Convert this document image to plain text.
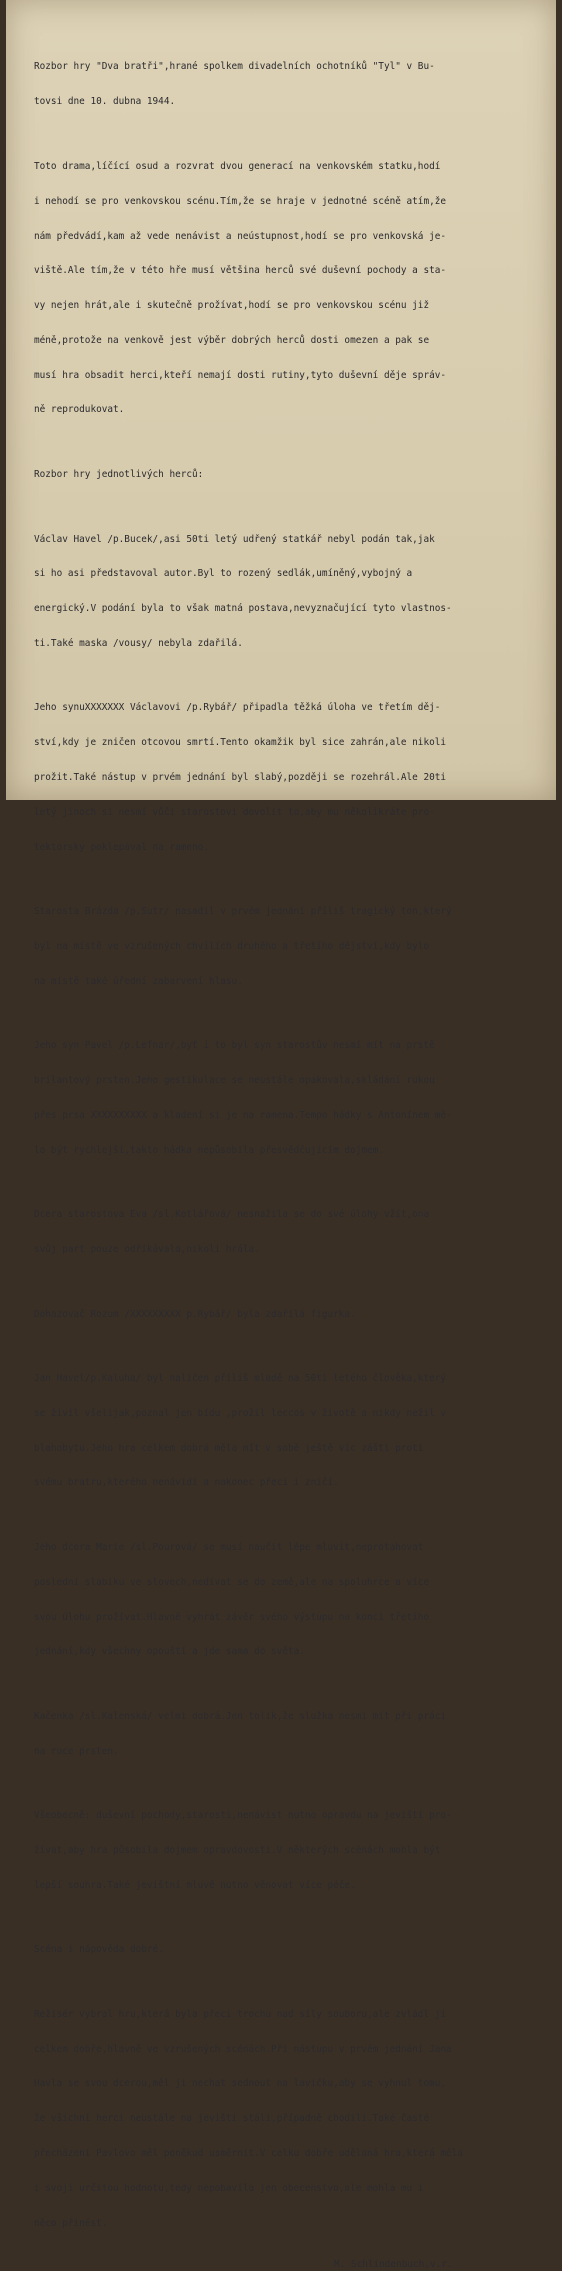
Rozbor hry "Dva bratři",hrané spolkem divadelních ochotníků "Tyl" v Bu-

tovsi dne 10. dubna 1944.

Toto drama,líčící osud a rozvrat dvou generací na venkovském statku,hodí

i nehodí se pro venkovskou scénu.Tím,že se hraje v jednotné scéně atím,že

nám předvádí,kam až vede nenávist a neústupnost,hodí se pro venkovská je-

viště.Ale tím,že v této hře musí většina herců své duševní pochody a sta-

vy nejen hrát,ale i skutečně prožívat,hodí se pro venkovskou scénu již

méně,protože na venkově jest výběr dobrých herců dosti omezen a pak se

musí hra obsadit herci,kteří nemají dosti rutiny,tyto duševní děje správ-

ně reprodukovat.

Rozbor hry jednotlivých herců:

Václav Havel /p.Bucek/,asi 50ti letý udřený statkář nebyl podán tak,jak

si ho asi představoval autor.Byl to rozený sedlák,umíněný,vybojný a

energický.V podání byla to však matná postava,nevyznačující tyto vlastnos-

ti.Také maska /vousy/ nebyla zdařilá.

Jeho synuXXXXXXX Václavovi /p.Rybář/ připadla těžká úloha ve třetím děj-

ství,kdy je zničen otcovou smrtí.Tento okamžik byl sice zahrán,ale nikoli

prožit.Také nástup v prvém jednání byl slabý,později se rozehrál.Ale 20ti

letý jinoch si nesmí vůči starostovi dovolit to,aby mu několikráte pro-

tektorsky poklepával na rameno.

Starosta Brázda /p.Sutr/ nasadil v prvém jednání příliš tragický ton,který

byl na místě ve vzrušených chvílích druhého a třetího dějství,kdy bylo

na místě také úřední zabarvení hlasu.

Jeho syn Pavel /p.Lefnar/,byť i to byl syn starostův nesmí mít na prstě

brilantový prsten.Jeho gestikulace se neustále opakovala,skládání rukou

přes prsa XXXXXXXXXX a kladení si je na ramena.Tempo hádky s Antonínem mě-

lo být rychlejší,takto hádka nepůsobila přesvědčujícím dojmem.

Dcera starostova Eva /sl.Kotlářová/ nesnažila se do své úlohy vžít,ona

svůj part pouze odříkávala,nikoli hrála.

Dohazovač Rozum /XXXXXXXXX p.Rybář/ byla zdařilá figurka.

Jan Havel/p.Kaluha/ byl nalíčen příliš mladě na 50ti letého člověka,který

se živil všelijak,poznal jen bídu ,prožil leccos v životě a nikdy nežil v

blahobytu.Jeho hra celkem dobrá měla mít v sobě ještě víc zášti proti

svému bratru,kterého nenávidí a nakonec přeci i zničí.

Jeho dcera Marie /sl.Pourová/ se musí naučit lépe mluvit,neprotahovat

poslední slabiku ve slovech,nedívat se do země,ale na spoluhrce a více

svou úlohu prožívat.Hlavně vyhrát závěr svého výstupu na konci třetího

jednání,kdy všechny opouští a jde sama do světa.

Kačenka /sl.Kalenská/ velmi dobrá.Jen tolik,že služka nesmí mít při práci

na ruce prsten.

Všeobecně: duševní pochody,starosti,nenávist nutno opravdu na jevišti pro-

žívat,aby hra působila dojmem opravdovosti.V některých scénách mohla být

lepší souhra.Také jevištní mluvě nutno věnovat více péče.

Scéna i nápověda dobré.

Režisér vybral hru,která byla přeci trochu nad síly souboru,ale zvládl ji

celkem dobře,hlavně ve vzrušených scénách.Při nástupu v prvém jednání Jana

Havla se svou dcerou,měl ji nechat sednout na lavičku,aby se vyhnul tomu,

že všichni herci neustále na jevišti stáli,případně chodili.Také časté

přecházení Pavlovo měl poněkud usměrnit.V celku dobře udělaná hra,která měla

i svoji určitou hodnotu,tedy nepobavila jen obecenstvo,ale mohla mu i

něco přinést.

M. Schlindenbuch,v.r.
